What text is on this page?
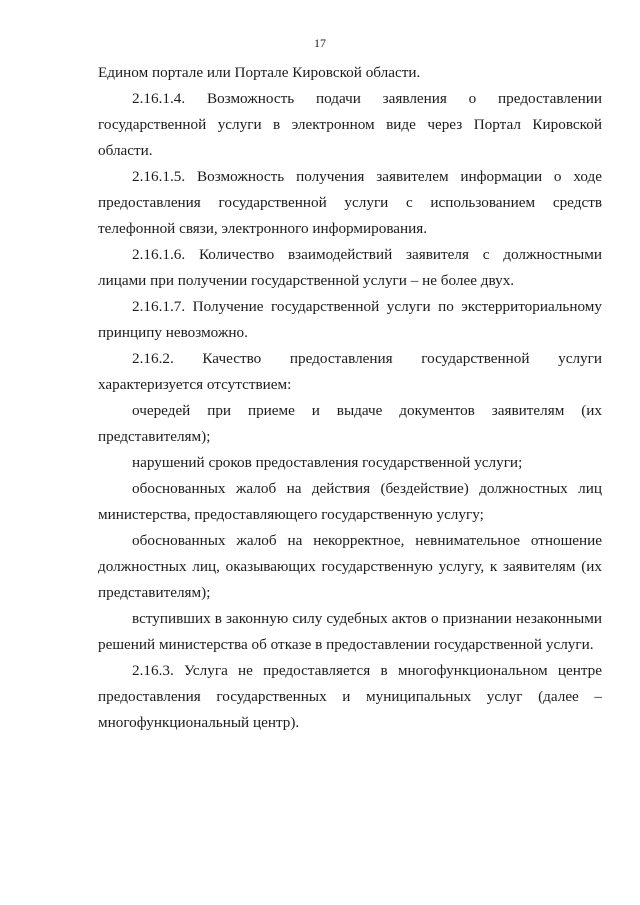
17

Едином портале или Портале Кировской области.

2.16.1.4. Возможность подачи заявления о предоставлении государственной услуги в электронном виде через Портал Кировской области.

2.16.1.5. Возможность получения заявителем информации о ходе предоставления государственной услуги с использованием средств телефонной связи, электронного информирования.

2.16.1.6. Количество взаимодействий заявителя с должностными лицами при получении государственной услуги – не более двух.

2.16.1.7. Получение государственной услуги по экстерриториальному принципу невозможно.

2.16.2. Качество предоставления государственной услуги характеризуется отсутствием:

очередей при приеме и выдаче документов заявителям (их представителям);

нарушений сроков предоставления государственной услуги;

обоснованных жалоб на действия (бездействие) должностных лиц министерства, предоставляющего государственную услугу;

обоснованных жалоб на некорректное, невнимательное отношение должностных лиц, оказывающих государственную услугу, к заявителям (их представителям);

вступивших в законную силу судебных актов о признании незаконными решений министерства об отказе в предоставлении государственной услуги.

2.16.3. Услуга не предоставляется в многофункциональном центре предоставления государственных и муниципальных услуг (далее – многофункциональный центр).
